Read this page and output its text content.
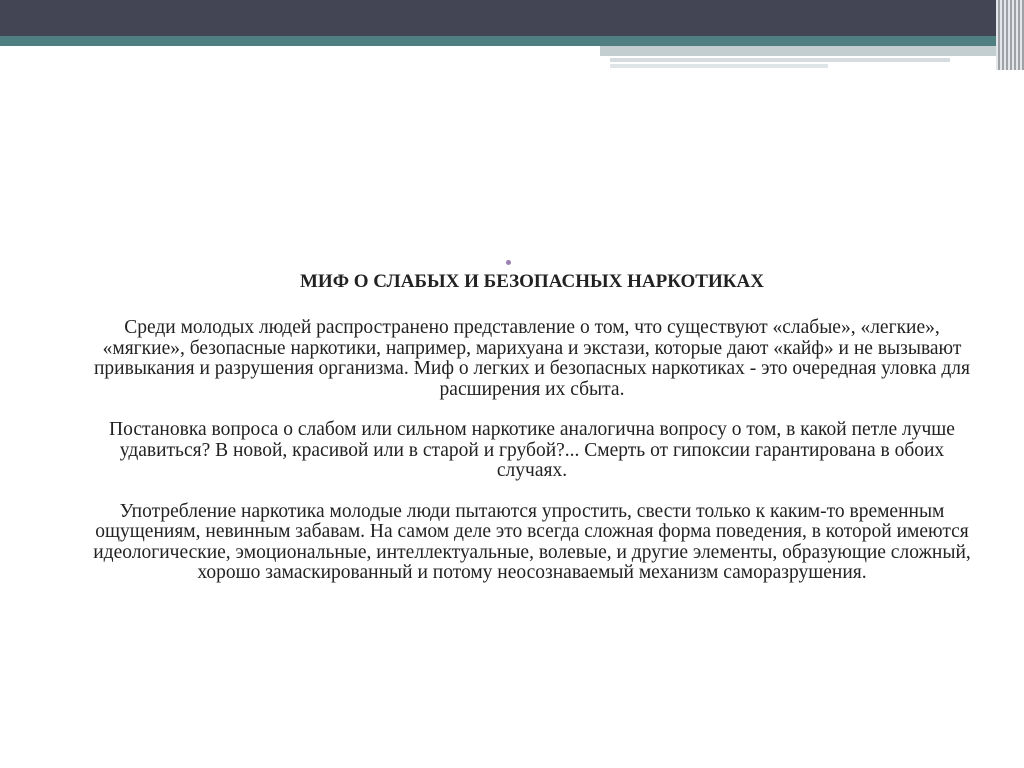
МИФ О СЛАБЫХ И БЕЗОПАСНЫХ НАРКОТИКАХ

Среди молодых людей распространено представление о том, что существуют «слабые», «легкие», «мягкие», безопасные наркотики, например, марихуана и экстази, которые дают «кайф» и не вызывают привыкания и разрушения организма. Миф о легких и безопасных наркотиках - это очередная уловка для расширения их сбыта.

Постановка вопроса о слабом или сильном наркотике аналогична вопросу о том, в какой петле лучше удавиться? В новой, красивой или в старой и грубой?... Смерть от гипоксии гарантирована в обоих случаях.

Употребление наркотика молодые люди пытаются упростить, свести только к каким-то временным ощущениям, невинным забавам. На самом деле это всегда сложная форма поведения, в которой имеются идеологические, эмоциональные, интеллектуальные, волевые, и другие элементы, образующие сложный, хорошо замаскированный и потому неосознаваемый механизм саморазрушения.
